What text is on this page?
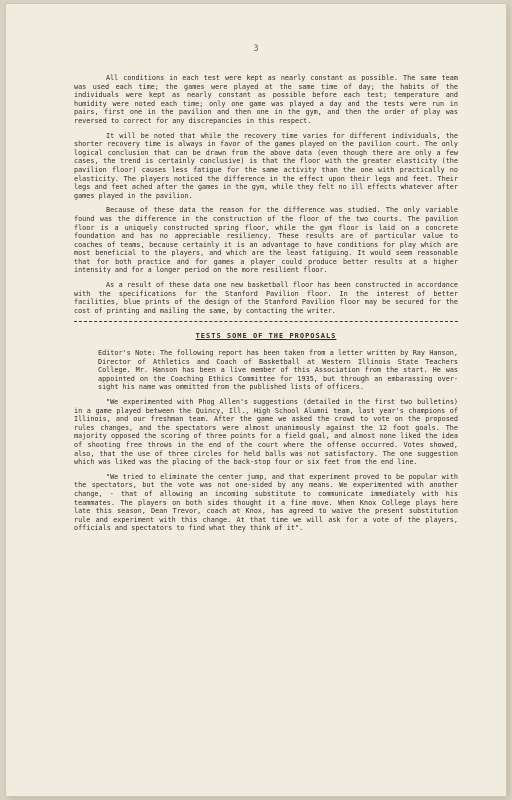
3

All conditions in each test were kept as nearly constant as possible. The same team was used each time; the games were played at the same time of day; the habits of the individuals were kept as nearly constant as possible before each test; temperature and humidity were noted each time; only one game was played a day and the tests were run in pairs, first one in the pavilion and then one in the gym, and then the order of play was reversed to correct for any discrepancies in this respect.

It will be noted that while the recovery time varies for different individuals, the shorter recovery time is always in favor of the games played on the pavilion court. The only logical conclusion that can be drawn from the above data (even though there are only a few cases, the trend is certainly conclusive) is that the floor with the greater elasticity (the pavilion floor) causes less fatigue for the same activity than the one with practically no elasticity. The players noticed the difference in the effect upon their legs and feet. Their legs and feet ached after the games in the gym, while they felt no ill effects whatever after games played in the pavilion.

Because of these data the reason for the difference was studied. The only variable found was the difference in the construction of the floor of the two courts. The pavilion floor is a uniquely constructed spring floor, while the gym floor is laid on a concrete foundation and has no appreciable resiliency. These results are of particular value to coaches of teams, because certainly it is an advantage to have conditions for play which are most beneficial to the players, and which are the least fatiguing. It would seem reasonable that for both practice and for games a player could produce better results at a higher intensity and for a longer period on the more resilient floor.

As a result of these data one new basketball floor has been constructed in accordance with the specifications for the Stanford Pavilion floor. In the interest of better facilities, blue prints of the design of the Stanford Pavilion floor may be secured for the cost of printing and mailing the same, by contacting the writer.

TESTS SOME OF THE PROPOSALS

Editor's Note: The following report has been taken from a letter written by Ray Hanson, Director of Athletics and Coach of Basketball at Western Illinois State Teachers College. Mr. Hanson has been a live member of this Association from the start. He was appointed on the Coaching Ethics Committee for 1935, but through an embarassing over-sight his name was ommitted from the published lists of officers.

"We experimented with Phog Allen's suggestions (detailed in the first two bulletins) in a game played between the Quincy, Ill., High School Alumni team, last year's champions of Illinois, and our freshman team. After the game we asked the crowd to vote on the proposed rules changes, and the spectators were almost unanimously against the 12 foot goals. The majority opposed the scoring of three points for a field goal, and almost none liked the idea of shooting free throws in the end of the court where the offense occurred. Votes showed, also, that the use of three circles for held balls was not satisfactory. The one suggestion which was liked was the placing of the back-stop four or six feet from the end line.

"We tried to eliminate the center jump, and that experiment proved to be popular with the spectators, but the vote was not one-sided by any means. We experimented with another change, - that of allowing an incoming substitute to communicate immediately with his teammates. The players on both sides thought it a fine move. When Knox College plays here late this season, Dean Trevor, coach at Knox, has agreed to waive the present substitution rule and experiment with this change. At that time we will ask for a vote of the players, officials and spectators to find what they think of it".
